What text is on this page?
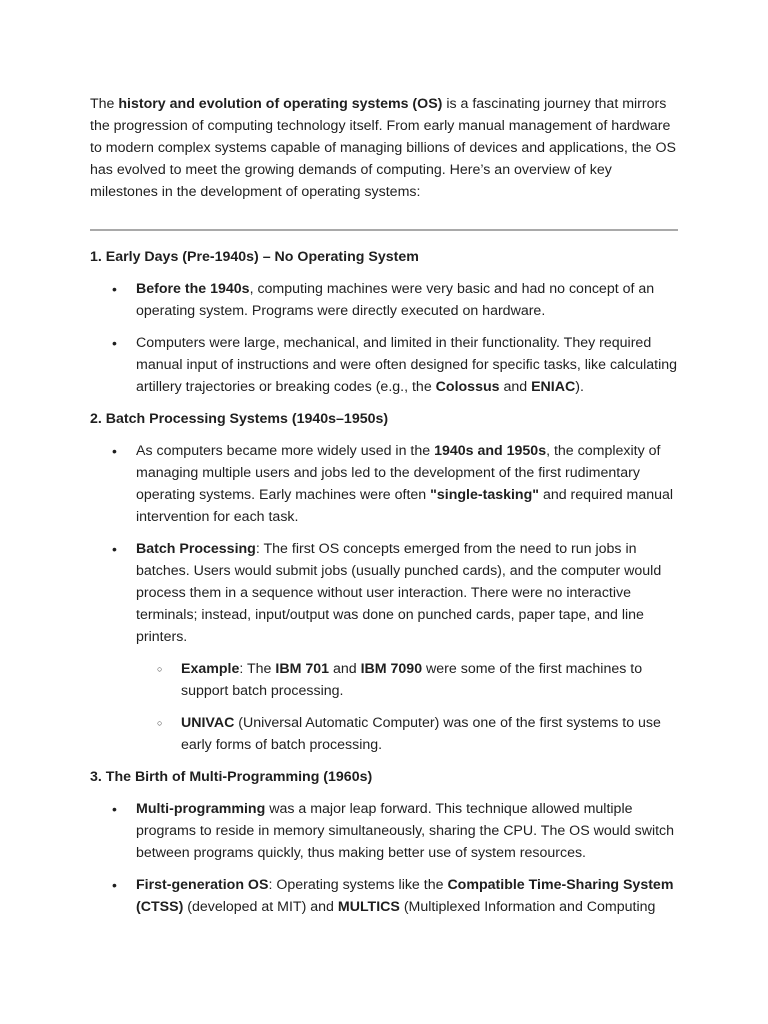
The history and evolution of operating systems (OS) is a fascinating journey that mirrors the progression of computing technology itself. From early manual management of hardware to modern complex systems capable of managing billions of devices and applications, the OS has evolved to meet the growing demands of computing. Here’s an overview of key milestones in the development of operating systems:

1. Early Days (Pre-1940s) – No Operating System

• Before the 1940s, computing machines were very basic and had no concept of an operating system. Programs were directly executed on hardware.
• Computers were large, mechanical, and limited in their functionality. They required manual input of instructions and were often designed for specific tasks, like calculating artillery trajectories or breaking codes (e.g., the Colossus and ENIAC).

2. Batch Processing Systems (1940s–1950s)

• As computers became more widely used in the 1940s and 1950s, the complexity of managing multiple users and jobs led to the development of the first rudimentary operating systems. Early machines were often "single-tasking" and required manual intervention for each task.
• Batch Processing: The first OS concepts emerged from the need to run jobs in batches. Users would submit jobs (usually punched cards), and the computer would process them in a sequence without user interaction. There were no interactive terminals; instead, input/output was done on punched cards, paper tape, and line printers.
○ Example: The IBM 701 and IBM 7090 were some of the first machines to support batch processing.
○ UNIVAC (Universal Automatic Computer) was one of the first systems to use early forms of batch processing.

3. The Birth of Multi-Programming (1960s)

• Multi-programming was a major leap forward. This technique allowed multiple programs to reside in memory simultaneously, sharing the CPU. The OS would switch between programs quickly, thus making better use of system resources.
• First-generation OS: Operating systems like the Compatible Time-Sharing System (CTSS) (developed at MIT) and MULTICS (Multiplexed Information and Computing
